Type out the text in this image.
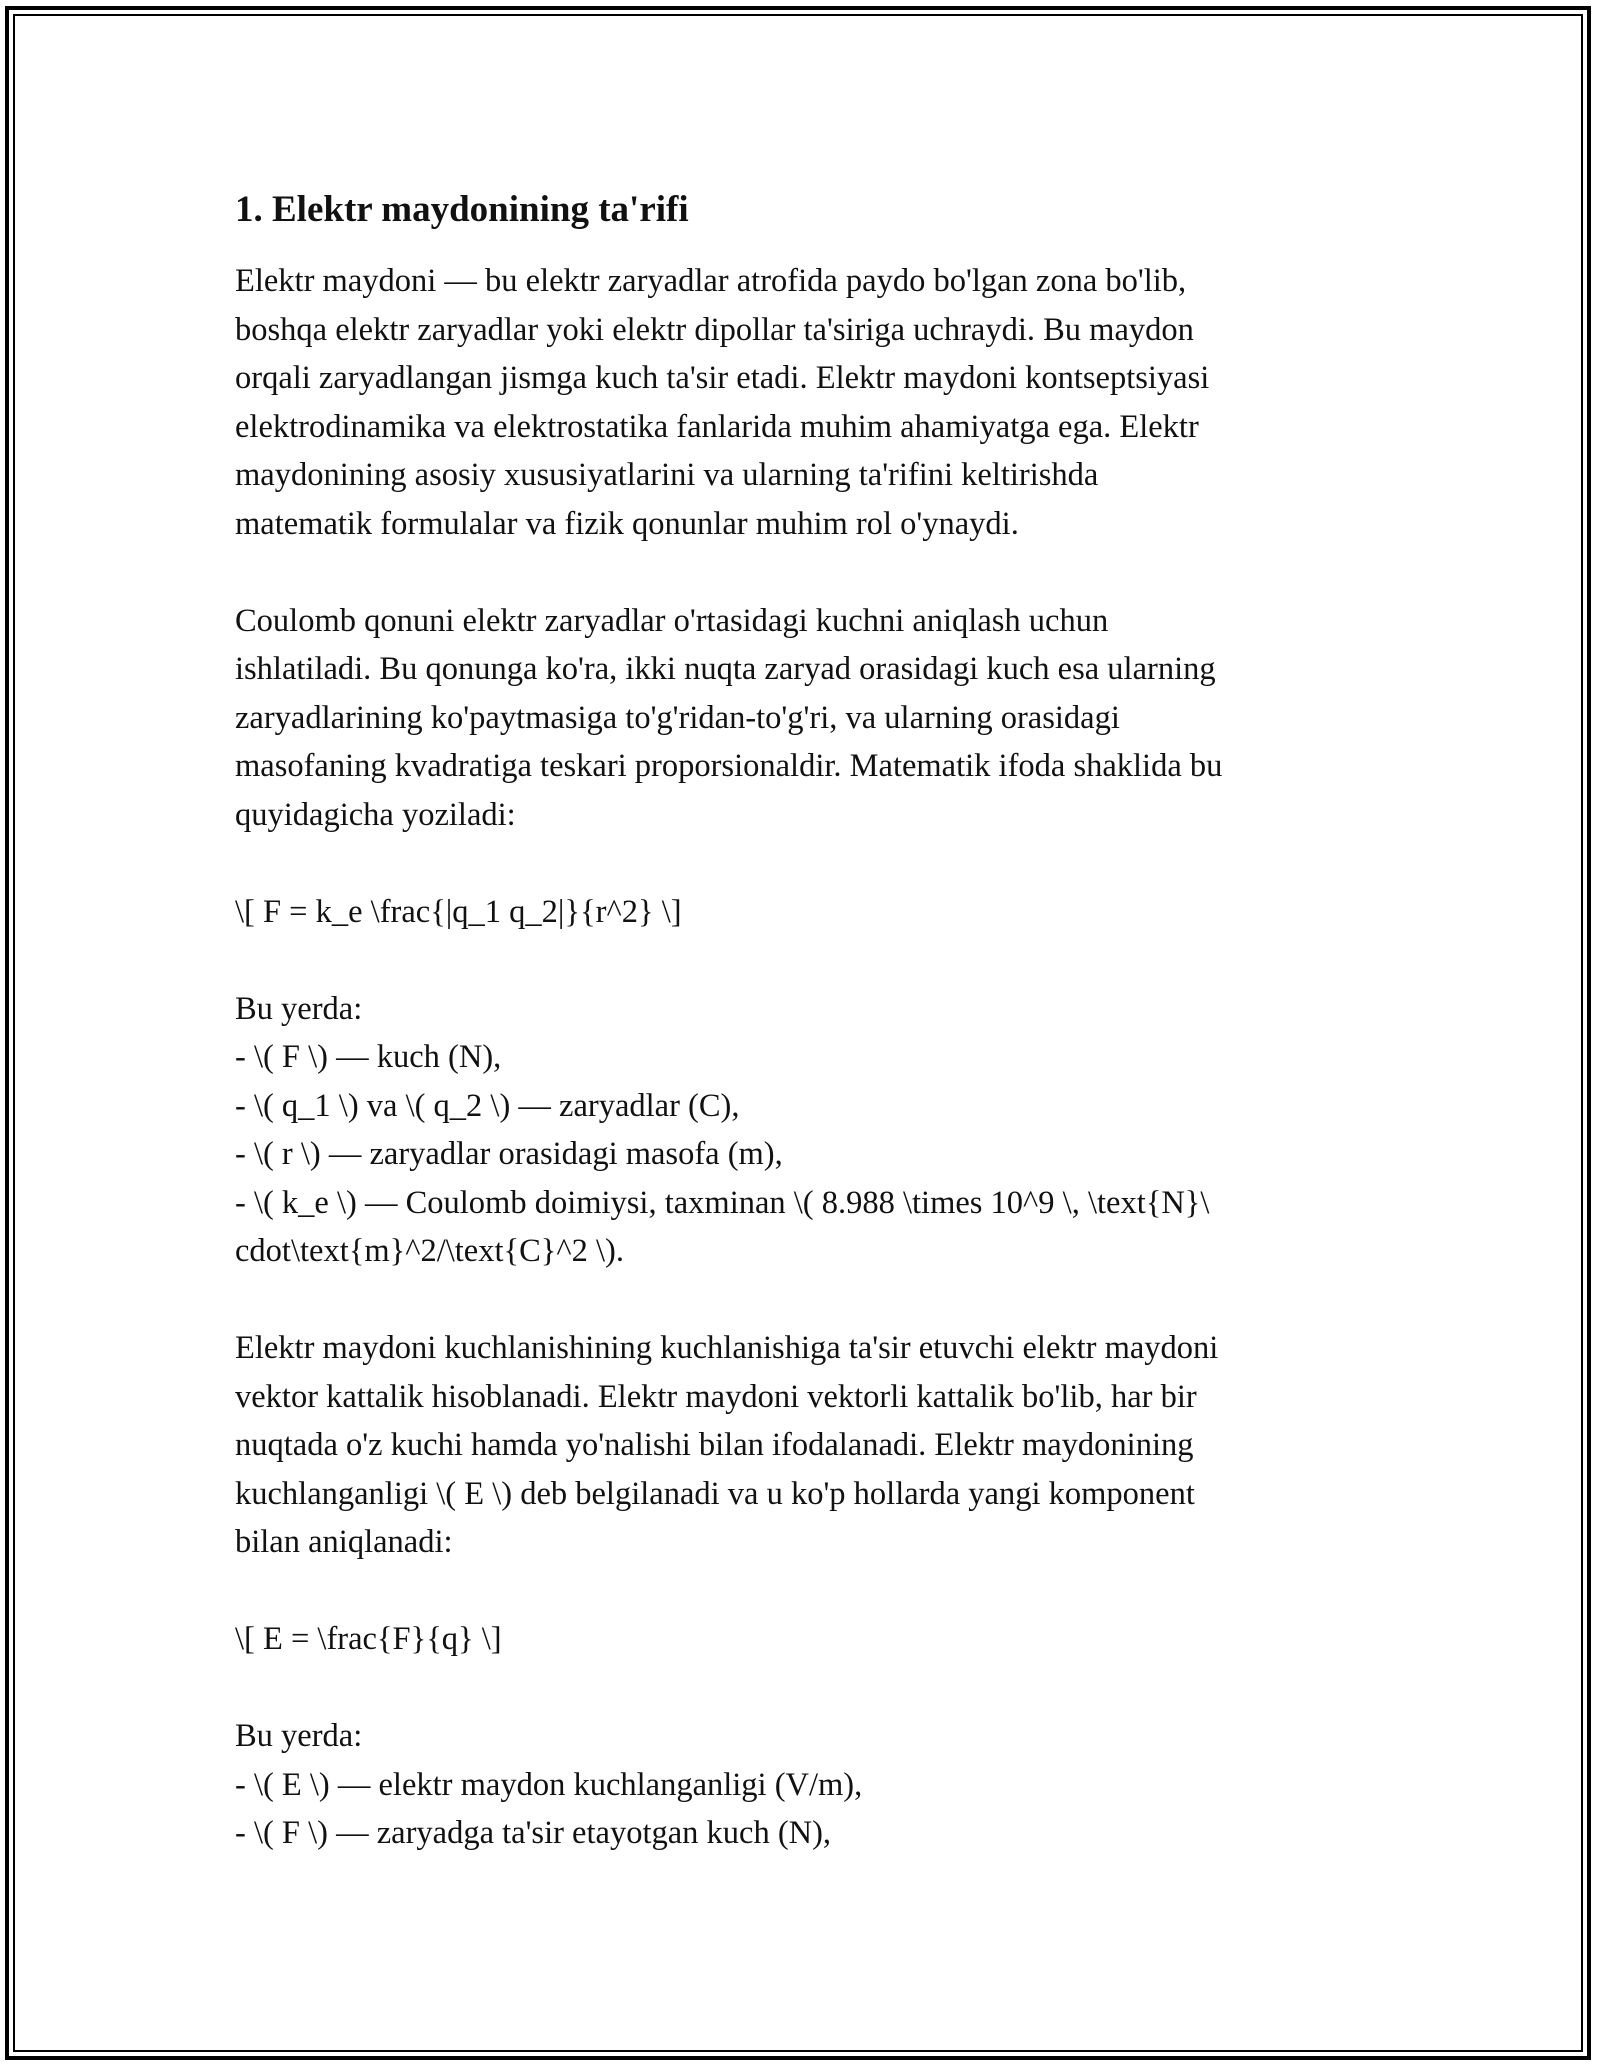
1. Elektr maydonining ta'rifi

Elektr maydoni — bu elektr zaryadlar atrofida paydo bo'lgan zona bo'lib,
boshqa elektr zaryadlar yoki elektr dipollar ta'siriga uchraydi. Bu maydon
orqali zaryadlangan jismga kuch ta'sir etadi. Elektr maydoni kontseptsiyasi
elektrodinamika va elektrostatika fanlarida muhim ahamiyatga ega. Elektr
maydonining asosiy xususiyatlarini va ularning ta'rifini keltirishda
matematik formulalar va fizik qonunlar muhim rol o'ynaydi.

Coulomb qonuni elektr zaryadlar o'rtasidagi kuchni aniqlash uchun
ishlatiladi. Bu qonunga ko'ra, ikki nuqta zaryad orasidagi kuch esa ularning
zaryadlarining ko'paytmasiga to'g'ridan-to'g'ri, va ularning orasidagi
masofaning kvadratiga teskari proporsionaldir. Matematik ifoda shaklida bu
quyidagicha yoziladi:

\[ F = k_e \frac{|q_1 q_2|}{r^2} \]

Bu yerda:
- \( F \) — kuch (N),
- \( q_1 \) va \( q_2 \) — zaryadlar (C),
- \( r \) — zaryadlar orasidagi masofa (m),
- \( k_e \) — Coulomb doimiysi, taxminan \( 8.988 \times 10^9 \, \text{N}\
cdot\text{m}^2/\text{C}^2 \).

Elektr maydoni kuchlanishining kuchlanishiga ta'sir etuvchi elektr maydoni
vektor kattalik hisoblanadi. Elektr maydoni vektorli kattalik bo'lib, har bir
nuqtada o'z kuchi hamda yo'nalishi bilan ifodalanadi. Elektr maydonining
kuchlanganligi \( E \) deb belgilanadi va u ko'p hollarda yangi komponent
bilan aniqlanadi:

\[ E = \frac{F}{q} \]

Bu yerda:
- \( E \) — elektr maydon kuchlanganligi (V/m),
- \( F \) — zaryadga ta'sir etayotgan kuch (N),
